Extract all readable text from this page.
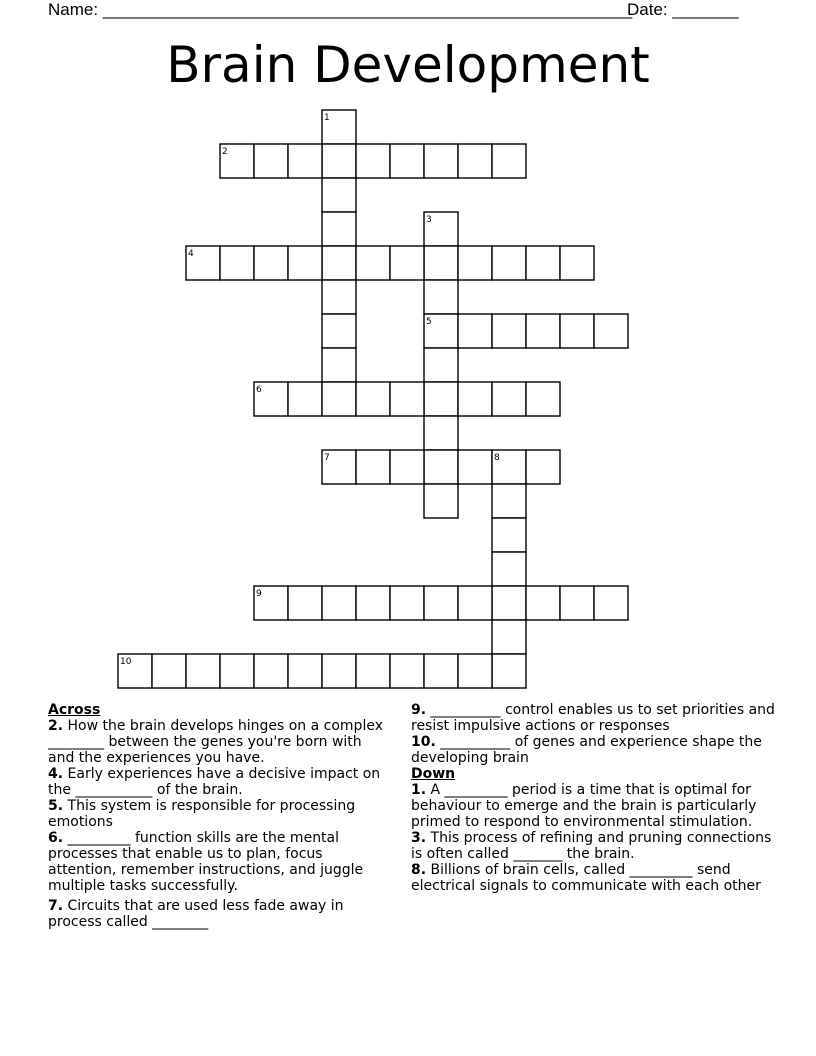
Name: ________________________________________________________
Date: _______
Brain Development
1
2
3
4
5
6
7	8
9
10
Across
2. How the brain develops hinges on a complex ________ between the genes you're born with and the experiences you have.
4. Early experiences have a decisive impact on the ___________ of the brain.
5. This system is responsible for processing emotions
6. _________ function skills are the mental processes that enable us to plan, focus attention, remember instructions, and juggle multiple tasks successfully.
7. Circuits that are used less fade away in process called ________
9. __________ control enables us to set priorities and resist impulsive actions or responses
10. __________ of genes and experience shape the developing brain
Down
1. A _________ period is a time that is optimal for behaviour to emerge and the brain is particularly primed to respond to environmental stimulation.
3. This process of refining and pruning connections is often called _______ the brain.
8. Billions of brain cells, called _________ send electrical signals to communicate with each other
